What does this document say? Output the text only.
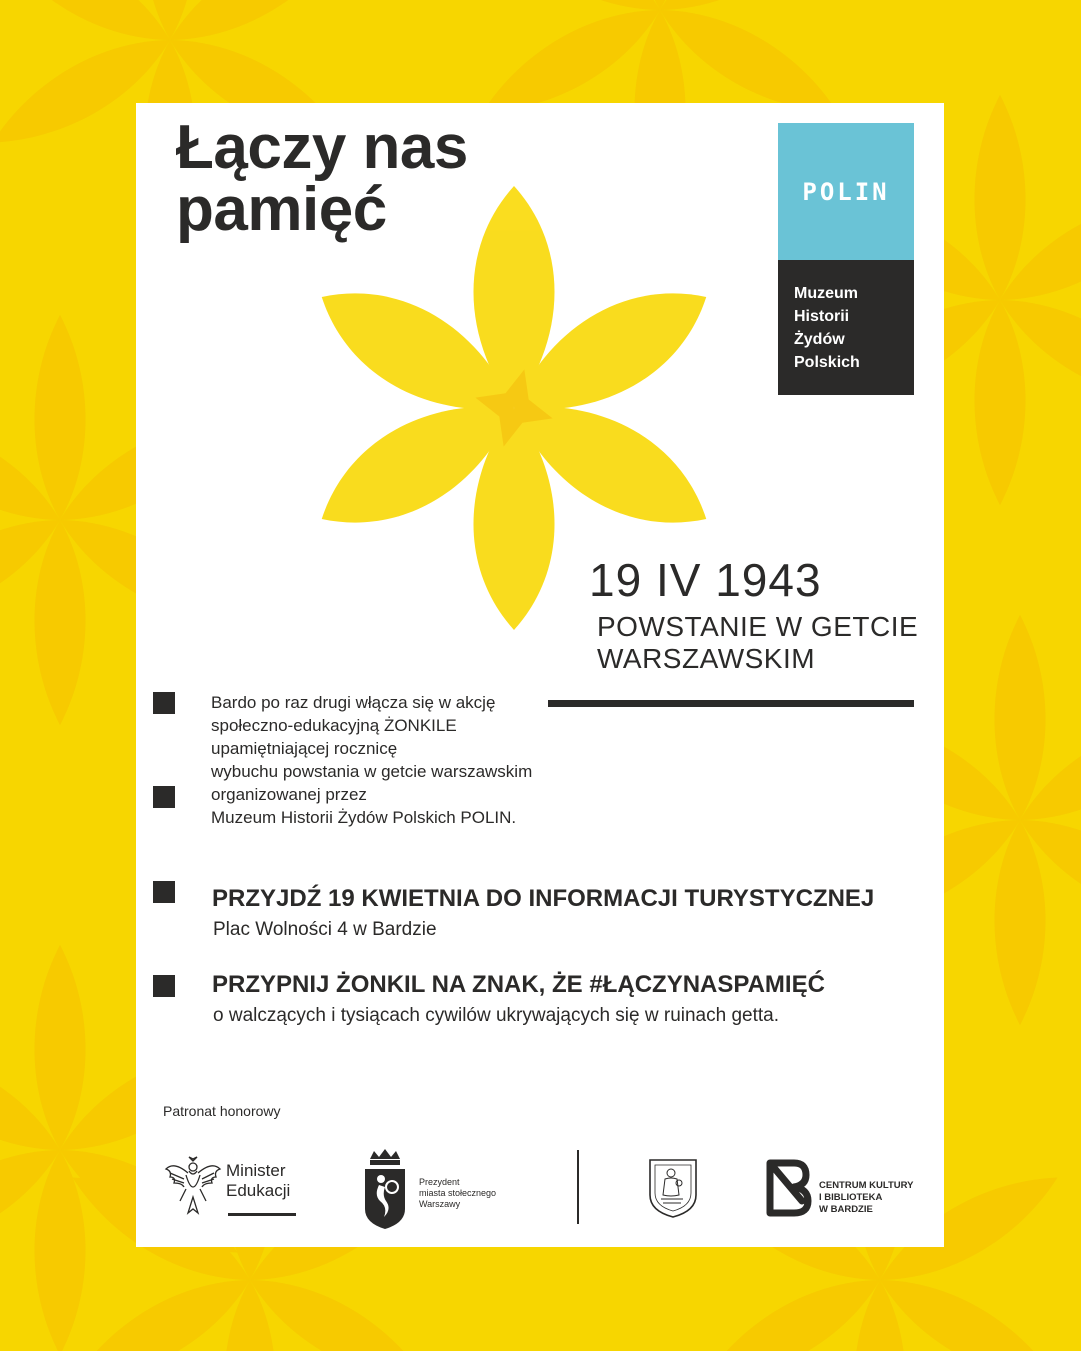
Łączy nas
pamięć	POLIN
Muzeum
Historii
Żydów
Polskich
19 IV 1943
POWSTANIE W GETCIE
WARSZAWSKIM
Bardo po raz drugi włącza się w akcję
społeczno-edukacyjną ŻONKILE
upamiętniającej rocznicę
wybuchu powstania w getcie warszawskim
organizowanej przez
Muzeum Historii Żydów Polskich POLIN.
PRZYJDŹ 19 KWIETNIA DO INFORMACJI TURYSTYCZNEJ
Plac Wolności 4 w Bardzie
PRZYPNIJ ŻONKIL NA ZNAK, ŻE #ŁĄCZYNASPAMIĘĆ
o walczących i tysiącach cywilów ukrywających się w ruinach getta.
Patronat honorowy
Minister
Edukacji	Prezydent
miasta stołecznego
Warszawy
CENTRUM KULTURY
I BIBLIOTEKA
W BARDZIE
